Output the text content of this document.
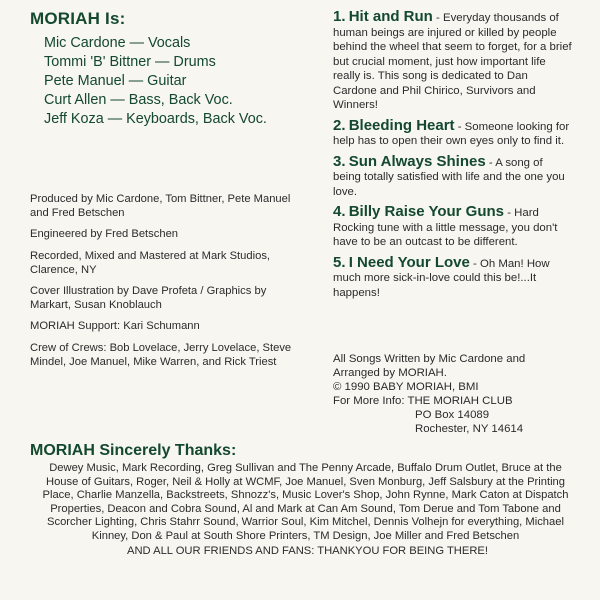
MORIAH Is:
Mic Cardone — Vocals
Tommi 'B' Bittner — Drums
Pete Manuel — Guitar
Curt Allen — Bass, Back Voc.
Jeff Koza — Keyboards, Back Voc.
Produced by Mic Cardone, Tom Bittner, Pete Manuel and Fred Betschen
Engineered by Fred Betschen
Recorded, Mixed and Mastered at Mark Studios, Clarence, NY
Cover Illustration by Dave Profeta / Graphics by Markart, Susan Knoblauch
MORIAH Support: Kari Schumann
Crew of Crews: Bob Lovelace, Jerry Lovelace, Steve Mindel, Joe Manuel, Mike Warren, and Rick Triest
1. Hit and Run - Everyday thousands of human beings are injured or killed by people behind the wheel that seem to forget, for a brief but crucial moment, just how important life really is. This song is dedicated to Dan Cardone and Phil Chirico, Survivors and Winners!
2. Bleeding Heart - Someone looking for help has to open their own eyes only to find it.
3. Sun Always Shines - A song of being totally satisfied with life and the one you love.
4. Billy Raise Your Guns - Hard Rocking tune with a little message, you don't have to be an outcast to be different.
5. I Need Your Love - Oh Man! How much more sick-in-love could this be!...It happens!
All Songs Written by Mic Cardone and Arranged by MORIAH.
© 1990 BABY MORIAH, BMI
For More Info: THE MORIAH CLUB
PO Box 14089
Rochester, NY 14614
MORIAH Sincerely Thanks:
Dewey Music, Mark Recording, Greg Sullivan and The Penny Arcade, Buffalo Drum Outlet, Bruce at the House of Guitars, Roger, Neil & Holly at WCMF, Joe Manuel, Sven Monburg, Jeff Salsbury at the Printing Place, Charlie Manzella, Backstreets, Shnozz's, Music Lover's Shop, John Rynne, Mark Caton at Dispatch Properties, Deacon and Cobra Sound, Al and Mark at Can Am Sound, Tom Derue and Tom Tabone and Scorcher Lighting, Chris Stahrr Sound, Warrior Soul, Kim Mitchel, Dennis Volhejn for everything, Michael Kinney, Don & Paul at South Shore Printers, TM Design, Joe Miller and Fred Betschen
AND ALL OUR FRIENDS AND FANS: THANKYOU FOR BEING THERE!
